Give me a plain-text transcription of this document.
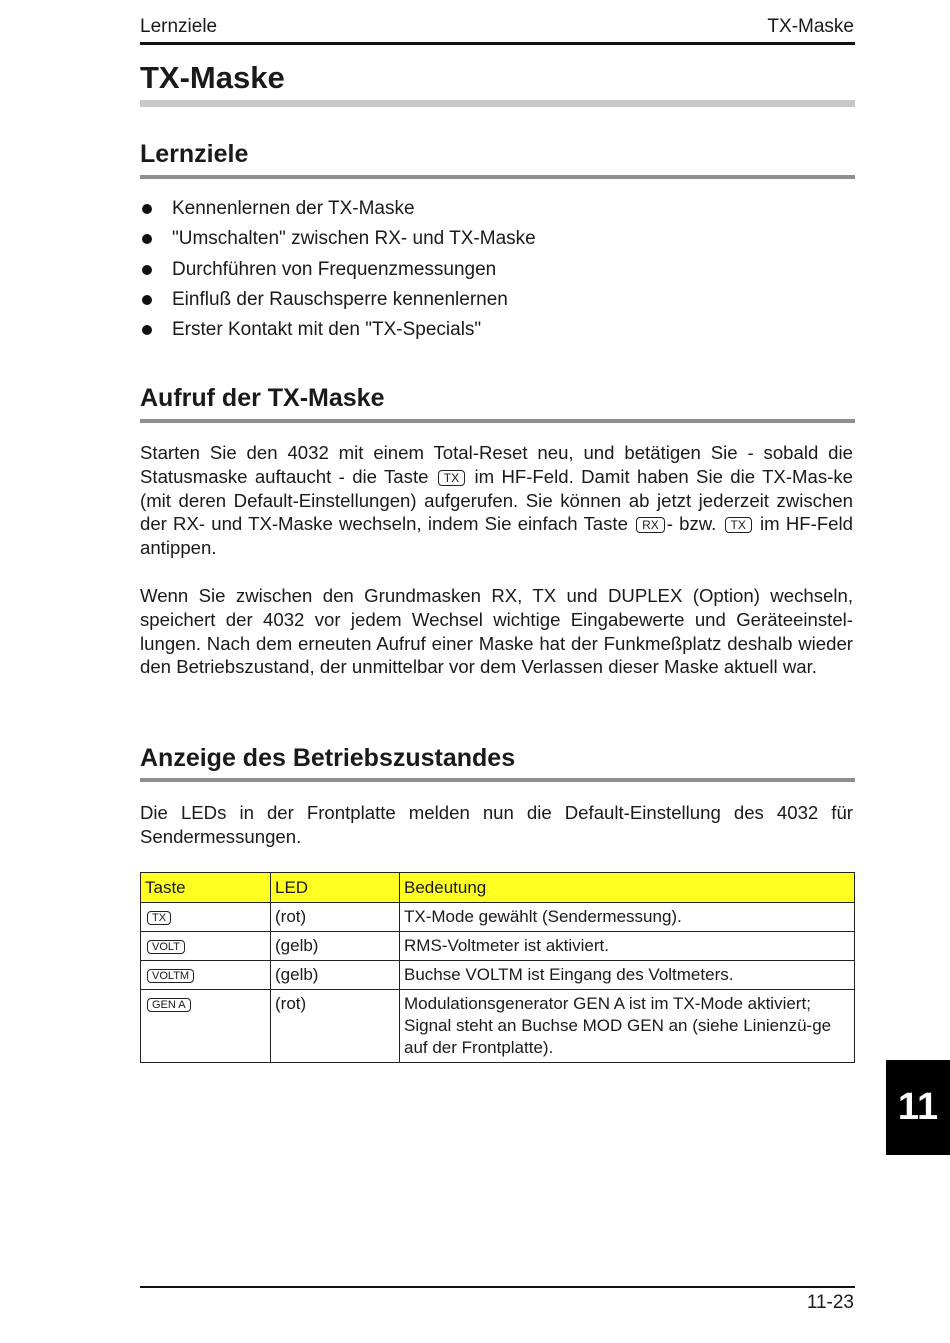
Lernziele	TX-Maske
TX-Maske
Lernziele
Kennenlernen der TX-Maske
"Umschalten" zwischen RX- und TX-Maske
Durchführen von Frequenzmessungen
Einfluß der Rauschsperre kennenlernen
Erster Kontakt mit den "TX-Specials"
Aufruf der TX-Maske
Starten Sie den 4032 mit einem Total-Reset neu, und betätigen Sie - sobald die Statusmaske auftaucht - die Taste TX im HF-Feld. Damit haben Sie die TX-Mas-ke (mit deren Default-Einstellungen) aufgerufen. Sie können ab jetzt jederzeit zwischen der RX- und TX-Maske wechseln, indem Sie einfach Taste RX - bzw. TX im HF-Feld antippen.
Wenn Sie zwischen den Grundmasken RX, TX und DUPLEX (Option) wechseln, speichert der 4032 vor jedem Wechsel wichtige Eingabewerte und Geräteeinstel-lungen. Nach dem erneuten Aufruf einer Maske hat der Funkmeßplatz deshalb wieder den Betriebszustand, der unmittelbar vor dem Verlassen dieser Maske aktuell war.
Anzeige des Betriebszustandes
Die LEDs in der Frontplatte melden nun die Default-Einstellung des 4032 für Sendermessungen.
Taste	LED	Bedeutung
TX	(rot)	TX-Mode gewählt (Sendermessung).
VOLT	(gelb)	RMS-Voltmeter ist aktiviert.
VOLTM	(gelb)	Buchse VOLTM ist Eingang des Voltmeters.
GEN A	(rot)	Modulationsgenerator GEN A ist im TX-Mode aktiviert; Signal steht an Buchse MOD GEN an (siehe Linienzü-ge auf der Frontplatte).
11
11-23
